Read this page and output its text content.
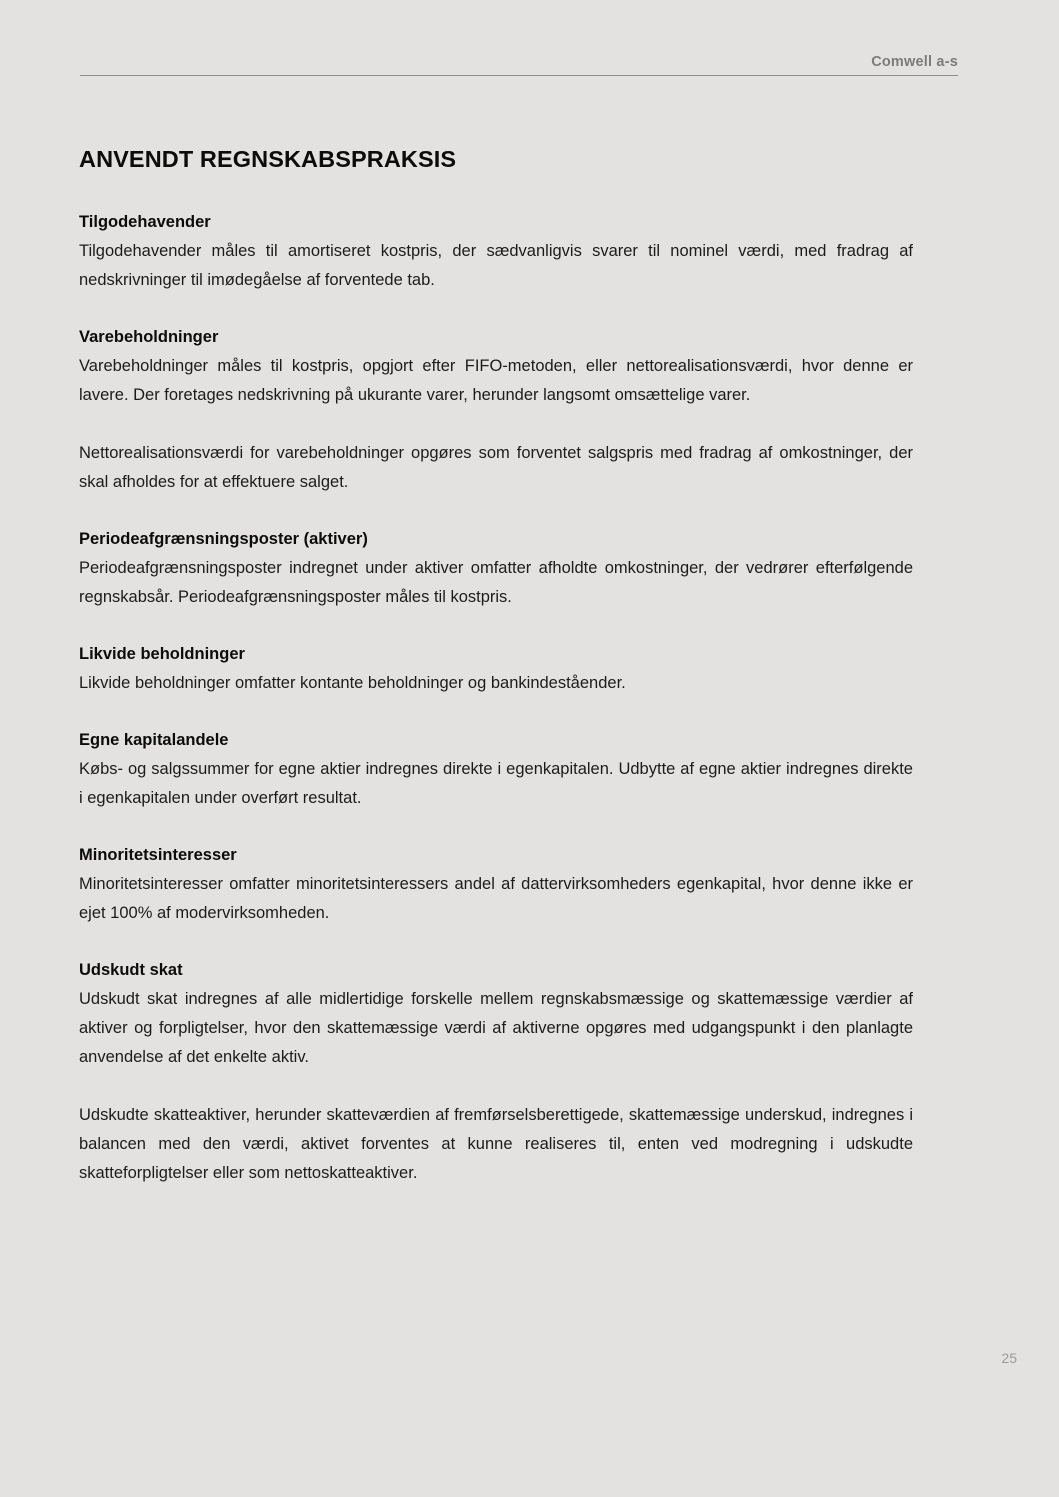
Comwell a-s
ANVENDT REGNSKABSPRAKSIS
Tilgodehavender

Tilgodehavender måles til amortiseret kostpris, der sædvanligvis svarer til nominel værdi, med fradrag af nedskrivninger til imødegåelse af forventede tab.

Varebeholdninger

Varebeholdninger måles til kostpris, opgjort efter FIFO-metoden, eller nettorealisationsværdi, hvor denne er lavere. Der foretages nedskrivning på ukurante varer, herunder langsomt omsættelige varer.

Nettorealisationsværdi for varebeholdninger opgøres som forventet salgspris med fradrag af omkostninger, der skal afholdes for at effektuere salget.

Periodeafgrænsningsposter (aktiver)

Periodeafgrænsningsposter indregnet under aktiver omfatter afholdte omkostninger, der vedrører efterfølgende regnskabsår. Periodeafgrænsningsposter måles til kostpris.

Likvide beholdninger

Likvide beholdninger omfatter kontante beholdninger og bankindeståender.

Egne kapitalandele

Købs- og salgssummer for egne aktier indregnes direkte i egenkapitalen. Udbytte af egne aktier indregnes direkte i egenkapitalen under overført resultat.

Minoritetsinteresser

Minoritetsinteresser omfatter minoritetsinteressers andel af dattervirksomheders egenkapital, hvor denne ikke er ejet 100% af modervirksomheden.

Udskudt skat

Udskudt skat indregnes af alle midlertidige forskelle mellem regnskabsmæssige og skattemæssige værdier af aktiver og forpligtelser, hvor den skattemæssige værdi af aktiverne opgøres med udgangspunkt i den planlagte anvendelse af det enkelte aktiv.

Udskudte skatteaktiver, herunder skatteværdien af fremførselsberettigede, skattemæssige underskud, indregnes i balancen med den værdi, aktivet forventes at kunne realiseres til, enten ved modregning i udskudte skatteforpligtelser eller som nettoskatteaktiver.

25
